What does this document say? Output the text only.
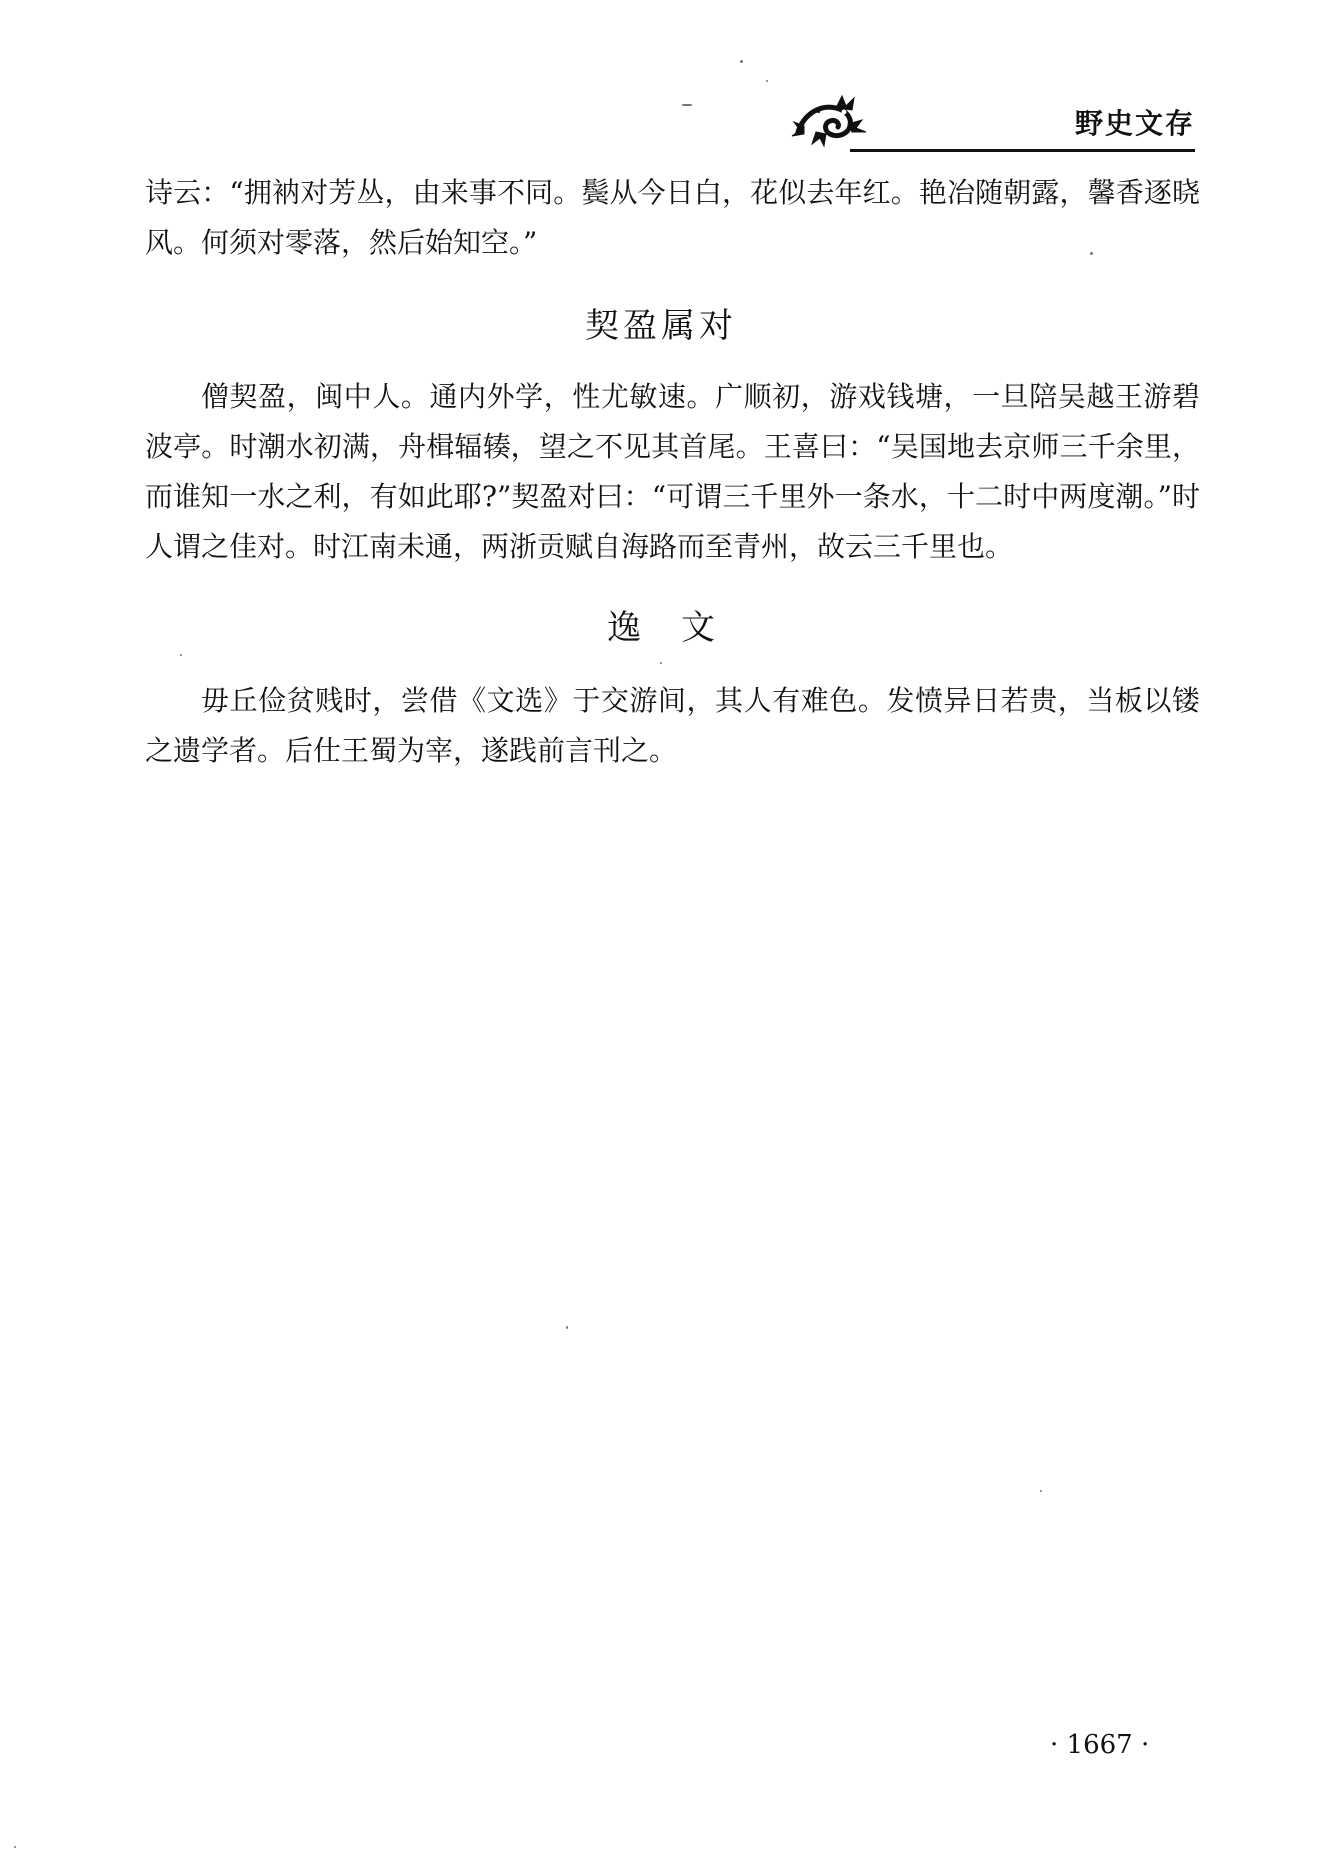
野史文存

诗云：“拥衲对芳丛，由来事不同。鬓从今日白，花似去年红。艳冶随朝露，馨香逐晓风。何须对零落，然后始知空。”

契盈属对

僧契盈，闽中人。通内外学，性尤敏速。广顺初，游戏钱塘，一旦陪吴越王游碧波亭。时潮水初满，舟楫辐辏，望之不见其首尾。王喜曰：“吴国地去京师三千余里，而谁知一水之利，有如此耶?”契盈对曰：“可谓三千里外一条水，十二时中两度潮。”时人谓之佳对。时江南未通，两浙贡赋自海路而至青州，故云三千里也。

逸文

毋丘俭贫贱时，尝借《文选》于交游间，其人有难色。发愤异日若贵，当板以镂之遗学者。后仕王蜀为宰，遂践前言刊之。

· 1667 ·
